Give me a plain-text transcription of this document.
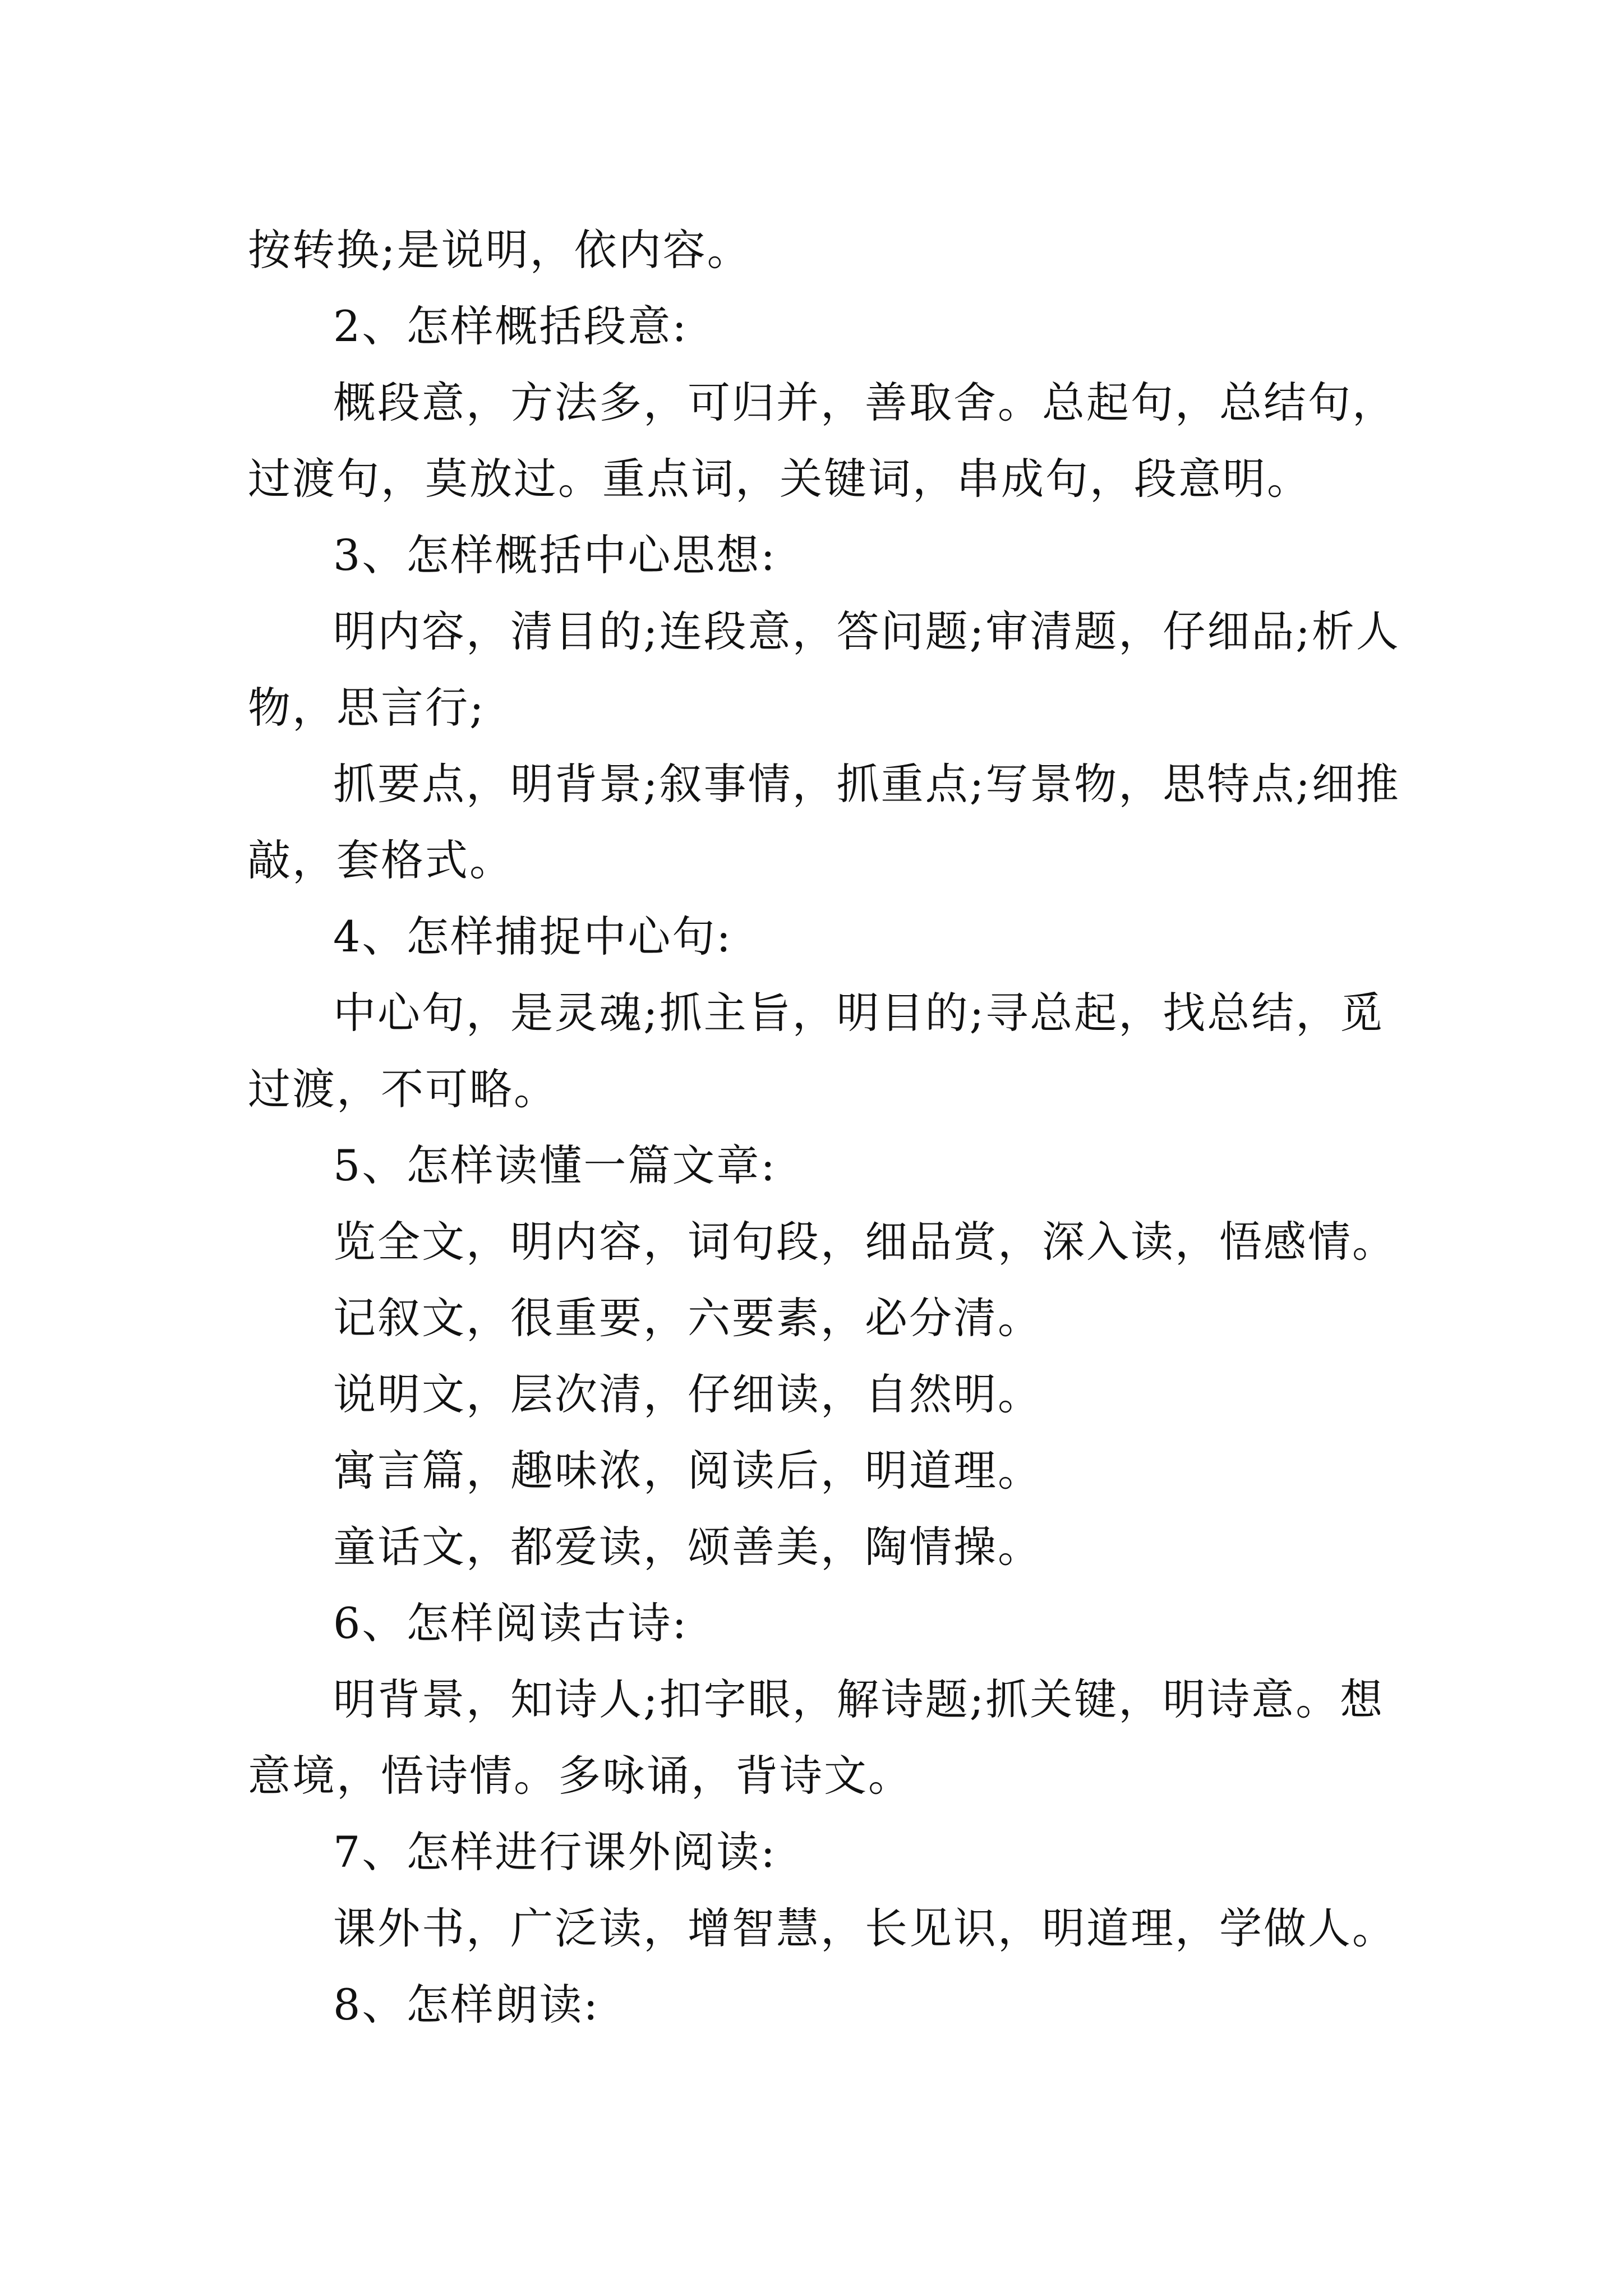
按转换;是说明，依内容。

2、怎样概括段意:

概段意，方法多，可归并，善取舍。总起句，总结句，过渡句，莫放过。重点词，关键词，串成句，段意明。

3、怎样概括中心思想:

明内容，清目的;连段意，答问题;审清题，仔细品;析人物，思言行;

抓要点，明背景;叙事情，抓重点;写景物，思特点;细推敲，套格式。

4、怎样捕捉中心句:

中心句，是灵魂;抓主旨，明目的;寻总起，找总结，觅过渡，不可略。

5、怎样读懂一篇文章:

览全文，明内容，词句段，细品赏，深入读，悟感情。

记叙文，很重要，六要素，必分清。

说明文，层次清，仔细读，自然明。

寓言篇，趣味浓，阅读后，明道理。

童话文，都爱读，颂善美，陶情操。

6、怎样阅读古诗:

明背景，知诗人;扣字眼，解诗题;抓关键，明诗意。想意境，悟诗情。多咏诵，背诗文。

7、怎样进行课外阅读:

课外书，广泛读，增智慧，长见识，明道理，学做人。

8、怎样朗读:
